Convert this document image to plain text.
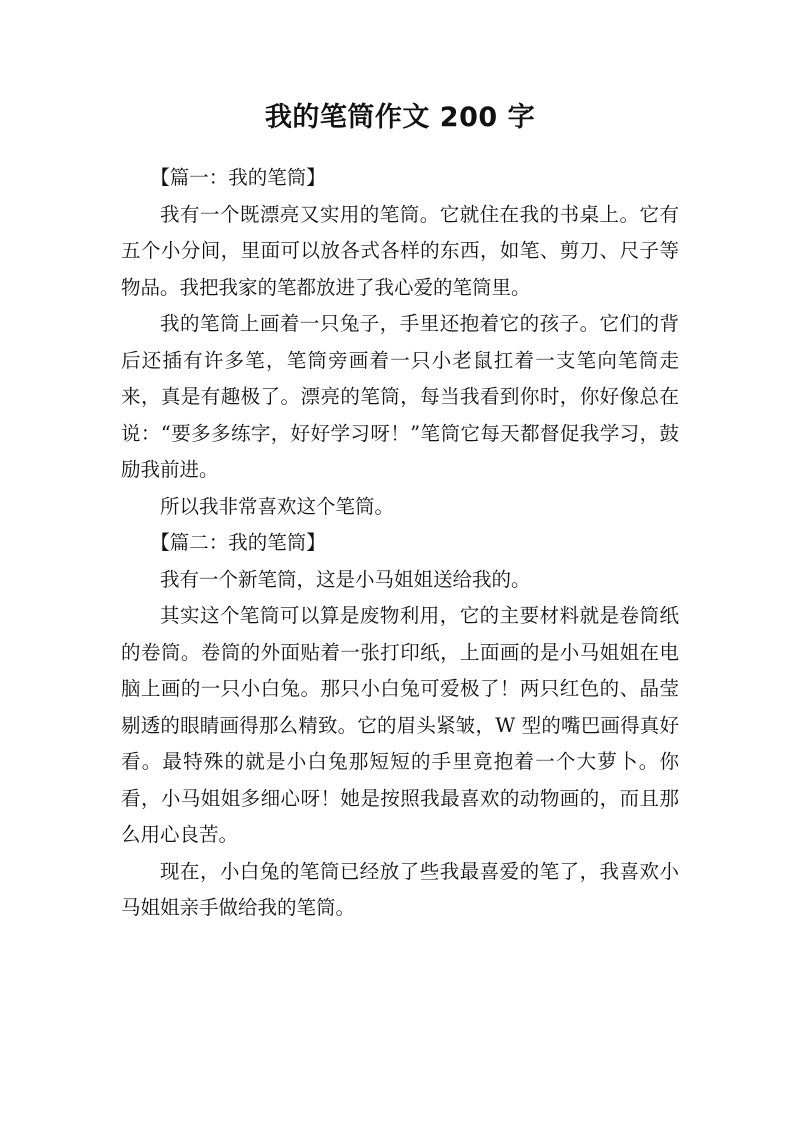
我的笔筒作文 200 字

【篇一：我的笔筒】

我有一个既漂亮又实用的笔筒。它就住在我的书桌上。它有五个小分间，里面可以放各式各样的东西，如笔、剪刀、尺子等物品。我把我家的笔都放进了我心爱的笔筒里。

我的笔筒上画着一只兔子，手里还抱着它的孩子。它们的背后还插有许多笔，笔筒旁画着一只小老鼠扛着一支笔向笔筒走来，真是有趣极了。漂亮的笔筒，每当我看到你时，你好像总在说：“要多多练字，好好学习呀！”笔筒它每天都督促我学习，鼓励我前进。

所以我非常喜欢这个笔筒。

【篇二：我的笔筒】

我有一个新笔筒，这是小马姐姐送给我的。

其实这个笔筒可以算是废物利用，它的主要材料就是卷筒纸的卷筒。卷筒的外面贴着一张打印纸，上面画的是小马姐姐在电脑上画的一只小白兔。那只小白兔可爱极了！两只红色的、晶莹剔透的眼睛画得那么精致。它的眉头紧皱，W 型的嘴巴画得真好看。最特殊的就是小白兔那短短的手里竟抱着一个大萝卜。你看，小马姐姐多细心呀！她是按照我最喜欢的动物画的，而且那么用心良苦。

现在，小白兔的笔筒已经放了些我最喜爱的笔了，我喜欢小马姐姐亲手做给我的笔筒。
